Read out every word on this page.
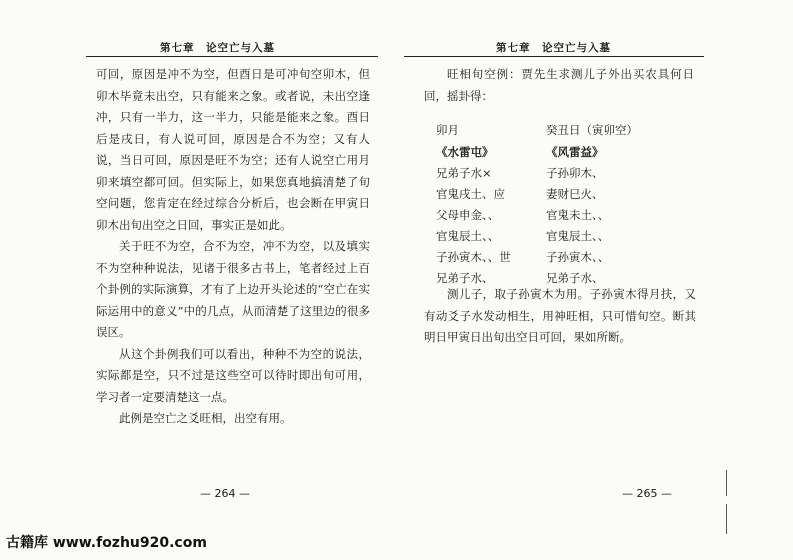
第七章　论空亡与入墓

可回，原因是冲不为空，但酉日是可冲旬空卯木，但卯木毕竟未出空，只有能来之象。或者说，未出空逢冲，只有一半力，这一半力，只能是能来之象。酉日后是戌日，有人说可回，原因是合不为空；又有人说，当日可回，原因是旺不为空；还有人说空亡用月卯来填空都可回。但实际上，如果您真地搞清楚了旬空问题，您肯定在经过综合分析后，也会断在甲寅日卯木出旬出空之日回，事实正是如此。

关于旺不为空，合不为空，冲不为空，以及填实不为空种种说法，见诸于很多古书上，笔者经过上百个卦例的实际演算，才有了上边开头论述的“空亡在实际运用中的意义”中的几点，从而清楚了这里边的很多误区。

从这个卦例我们可以看出，种种不为空的说法，实际都是空，只不过是这些空可以待时即出旬可用，学习者一定要清楚这一点。

此例是空亡之爻旺相，出空有用。

— 264 —
第七章　论空亡与入墓

旺相旬空例：贾先生求测儿子外出买农具何日回，摇卦得：

卯月	癸丑日（寅卯空）
《水雷屯》
兄弟子水×
官鬼戌土、应
父母申金、、
官鬼辰土、、
子孙寅木、、世
兄弟子水、
《风雷益》
子孙卯木、
妻财巳火、
官鬼未土、、
官鬼辰土、、
子孙寅木、、
兄弟子水、

测儿子，取子孙寅木为用。子孙寅木得月扶，又有动爻子水发动相生，用神旺相，只可惜旬空。断其明日甲寅日出旬出空日可回，果如所断。

— 265 —
古籍库 www.fozhu920.com
